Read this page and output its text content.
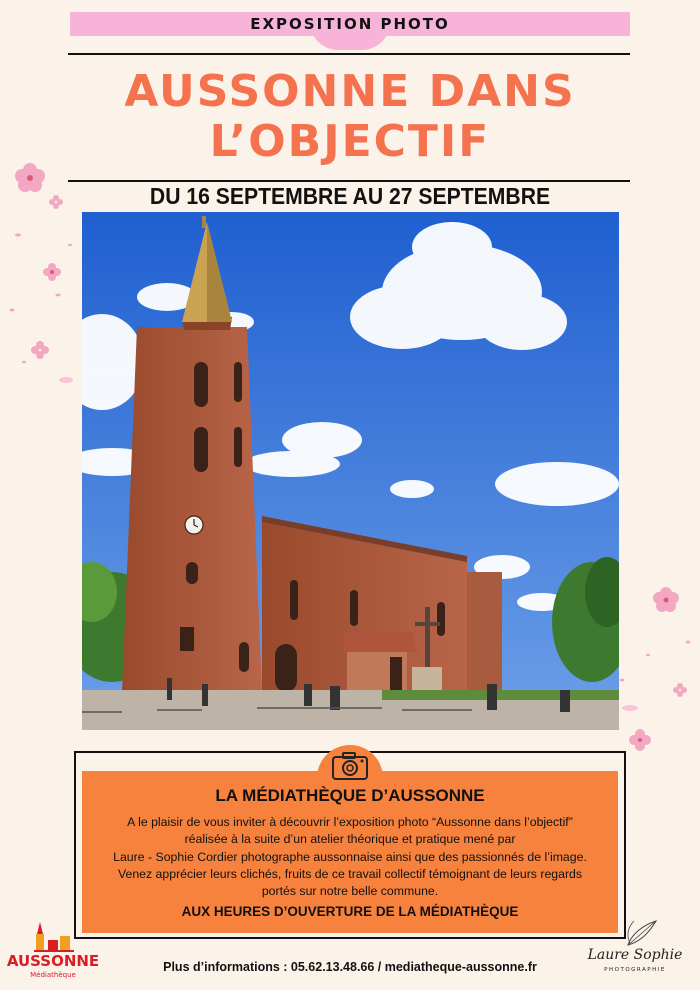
EXPOSITION PHOTO
AUSSONNE DANS
L’OBJECTIF
DU 16 SEPTEMBRE AU 27 SEPTEMBRE
LA MÉDIATHÈQUE D’AUSSONNE
A le plaisir de vous inviter à découvrir l’exposition photo “Aussonne dans l’objectif”
réalisée à la suite d’un atelier théorique et pratique mené par
Laure - Sophie Cordier photographe aussonnaise ainsi que des passionnés de l’image.
Venez apprécier leurs clichés, fruits de ce travail collectif témoignant de leurs regards
portés sur notre belle commune.
AUX HEURES D’OUVERTURE DE LA MÉDIATHÈQUE
AUSSONNE
Médiathèque
Plus d’informations : 05.62.13.48.66 / mediatheque-aussonne.fr
Laure Sophie
PHOTOGRAPHIE
